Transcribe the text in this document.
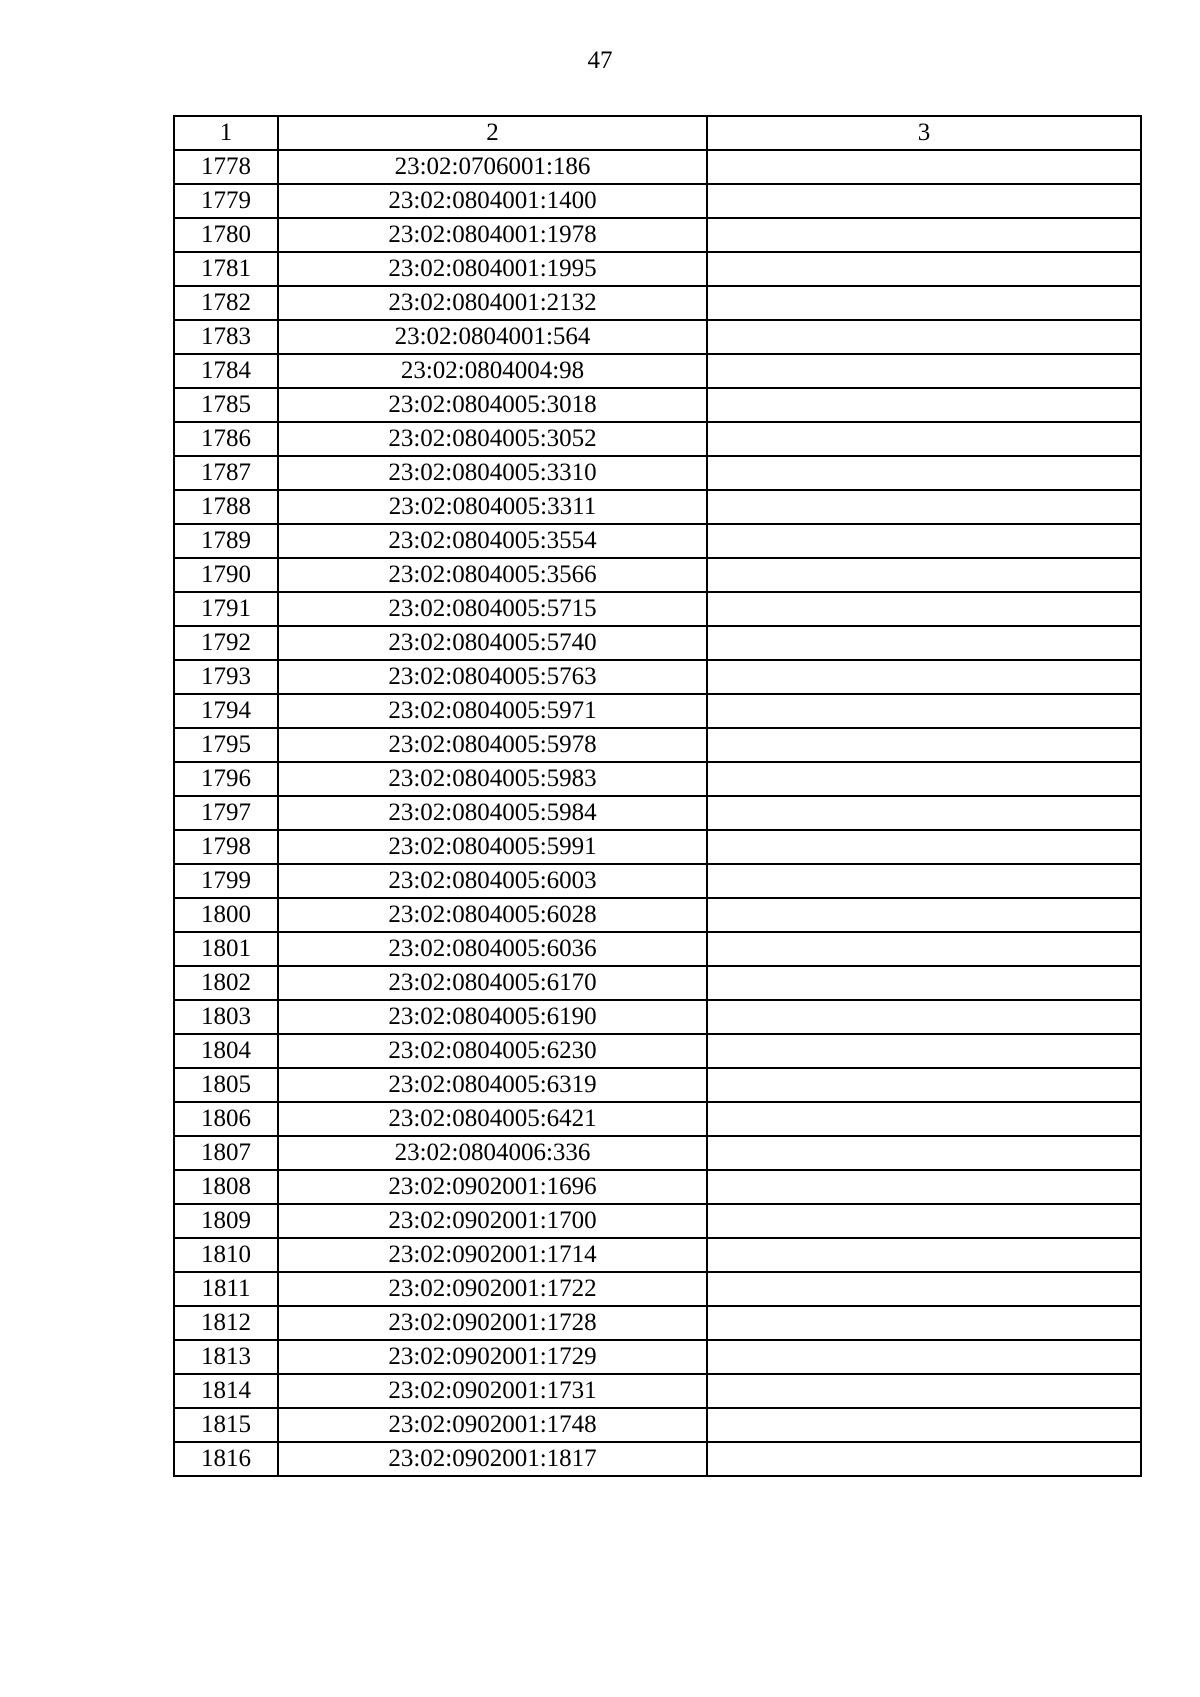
47
1	2	3
1778	23:02:0706001:186	
1779	23:02:0804001:1400	
1780	23:02:0804001:1978	
1781	23:02:0804001:1995	
1782	23:02:0804001:2132	
1783	23:02:0804001:564	
1784	23:02:0804004:98	
1785	23:02:0804005:3018	
1786	23:02:0804005:3052	
1787	23:02:0804005:3310	
1788	23:02:0804005:3311	
1789	23:02:0804005:3554	
1790	23:02:0804005:3566	
1791	23:02:0804005:5715	
1792	23:02:0804005:5740	
1793	23:02:0804005:5763	
1794	23:02:0804005:5971	
1795	23:02:0804005:5978	
1796	23:02:0804005:5983	
1797	23:02:0804005:5984	
1798	23:02:0804005:5991	
1799	23:02:0804005:6003	
1800	23:02:0804005:6028	
1801	23:02:0804005:6036	
1802	23:02:0804005:6170	
1803	23:02:0804005:6190	
1804	23:02:0804005:6230	
1805	23:02:0804005:6319	
1806	23:02:0804005:6421	
1807	23:02:0804006:336	
1808	23:02:0902001:1696	
1809	23:02:0902001:1700	
1810	23:02:0902001:1714	
1811	23:02:0902001:1722	
1812	23:02:0902001:1728	
1813	23:02:0902001:1729	
1814	23:02:0902001:1731	
1815	23:02:0902001:1748	
1816	23:02:0902001:1817	
